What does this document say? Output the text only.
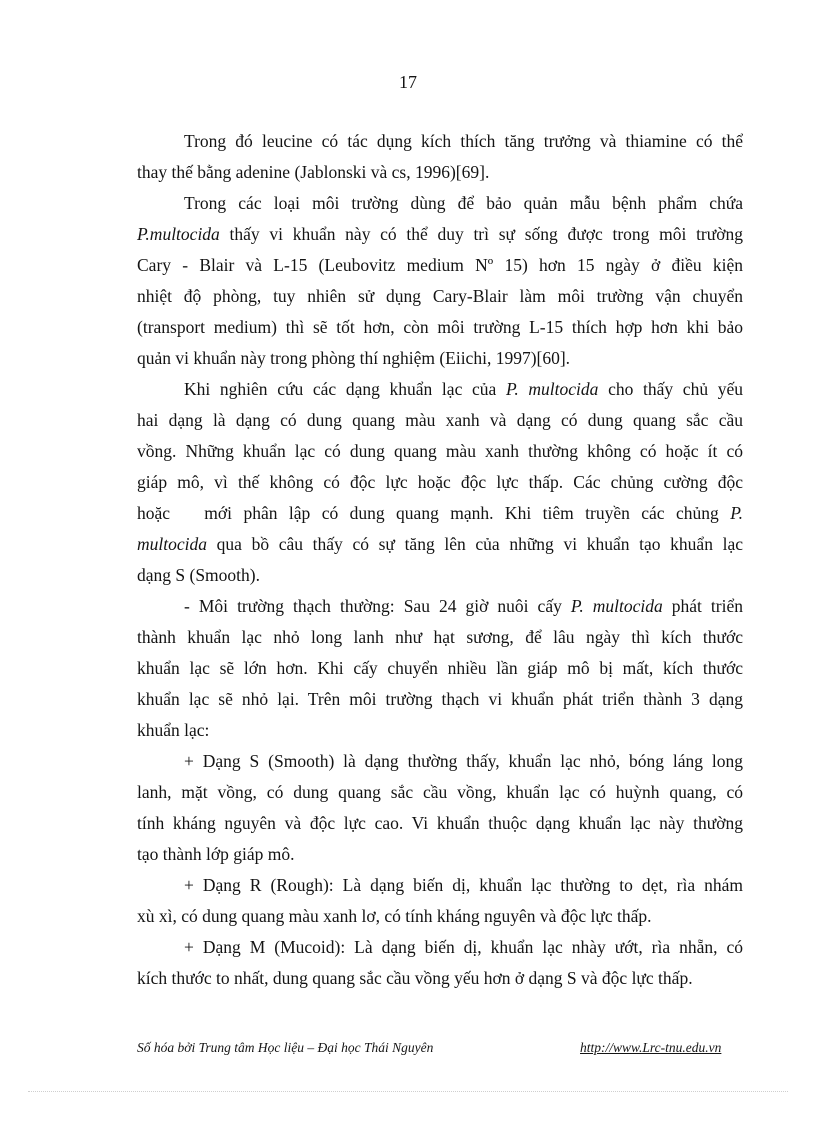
17
Trong đó leucine có tác dụng kích thích tăng trưởng và thiamine có thể
thay thế bằng adenine (Jablonski và cs, 1996)[69].
Trong các loại môi trường dùng để bảo quản mẫu bệnh phẩm chứa
P.multocida thấy vi khuẩn này có thể duy trì sự sống được trong môi trường
Cary - Blair và L-15 (Leubovitz medium Nº 15) hơn 15 ngày ở điều kiện
nhiệt độ phòng, tuy nhiên sử dụng Cary-Blair làm môi trường vận chuyển
(transport medium) thì sẽ tốt hơn, còn môi trường L-15 thích hợp hơn khi bảo
quản vi khuẩn này trong phòng thí nghiệm (Eiichi, 1997)[60].
Khi nghiên cứu các dạng khuẩn lạc của P. multocida cho thấy chủ yếu
hai dạng là dạng có dung quang màu xanh và dạng có dung quang sắc cầu
vồng. Những khuẩn lạc có dung quang màu xanh thường không có hoặc ít có
giáp mô, vì thế không có độc lực hoặc độc lực thấp. Các chủng cường độc
hoặc   mới phân lập có dung quang mạnh. Khi tiêm truyền các chủng P.
multocida qua bồ câu thấy có sự tăng lên của những vi khuẩn tạo khuẩn lạc
dạng S (Smooth).
- Môi trường thạch thường: Sau 24 giờ nuôi cấy P. multocida phát triển
thành khuẩn lạc nhỏ long lanh như hạt sương, để lâu ngày thì kích thước
khuẩn lạc sẽ lớn hơn. Khi cấy chuyển nhiều lần giáp mô bị mất, kích thước
khuẩn lạc sẽ nhỏ lại. Trên môi trường thạch vi khuẩn phát triển thành 3 dạng
khuẩn lạc:
+ Dạng S (Smooth) là dạng thường thấy, khuẩn lạc nhỏ, bóng láng long
lanh, mặt vồng, có dung quang sắc cầu vồng, khuẩn lạc có huỳnh quang, có
tính kháng nguyên và độc lực cao. Vi khuẩn thuộc dạng khuẩn lạc này thường
tạo thành lớp giáp mô.
+ Dạng R (Rough): Là dạng biến dị, khuẩn lạc thường to dẹt, rìa nhám
xù xì, có dung quang màu xanh lơ, có tính kháng nguyên và độc lực thấp.
+ Dạng M (Mucoid): Là dạng biến dị, khuẩn lạc nhày ướt, rìa nhẵn, có
kích thước to nhất, dung quang sắc cầu vồng yếu hơn ở dạng S và độc lực thấp.
Số hóa bởi Trung tâm Học liệu – Đại học Thái Nguyên	http://www.Lrc-tnu.edu.vn
